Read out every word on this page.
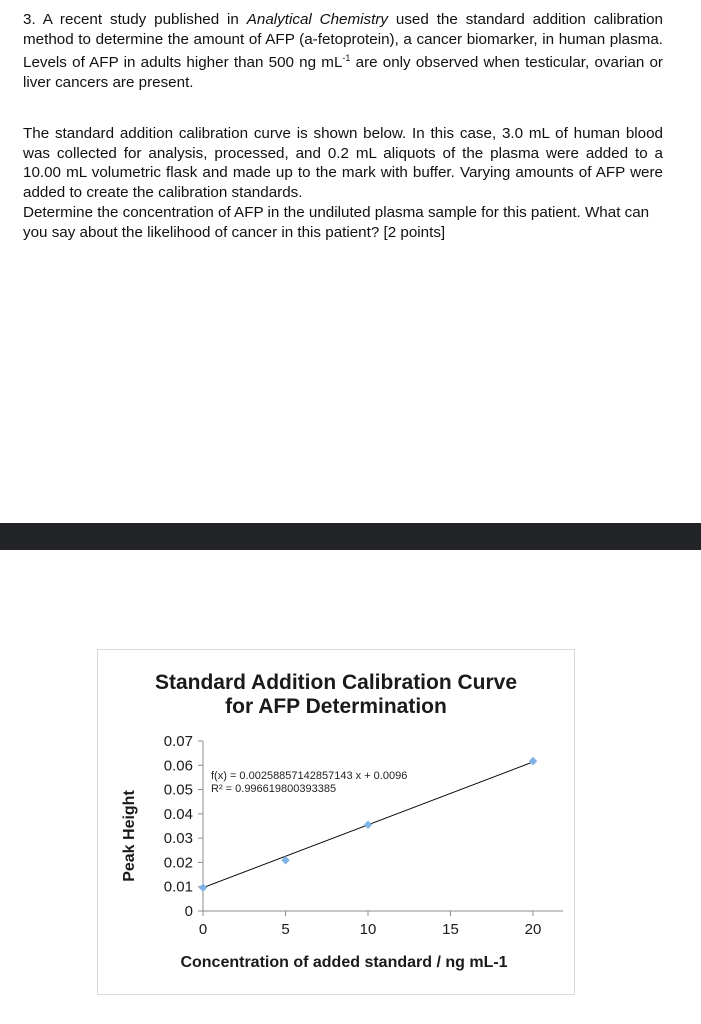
3. A recent study published in Analytical Chemistry used the standard addition calibration method to determine the amount of AFP (a-fetoprotein), a cancer biomarker, in human plasma. Levels of AFP in adults higher than 500 ng $mL^{-1}$ are only observed when testicular, ovarian or liver cancers are present.

The standard addition calibration curve is shown below. In this case, 3.0 mL of human blood was collected for analysis, processed, and 0.2 mL aliquots of the plasma were added to a 10.00 mL volumetric flask and made up to the mark with buffer. Varying amounts of AFP were added to create the calibration standards.

Determine the concentration of AFP in the undiluted plasma sample for this patient. What can you say about the likelihood of cancer in this patient? [2 points]

Standard Addition Calibration Curve
for AFP Determination
0
0.01
0.02
0.03
0.04
0.05
0.06
0.07
0	5	10	15	20
f(x) = 0.00258857142857143 x + 0.0096
R² = 0.996619800393385
Concentration of added standard / ng mL-1
Peak Height
